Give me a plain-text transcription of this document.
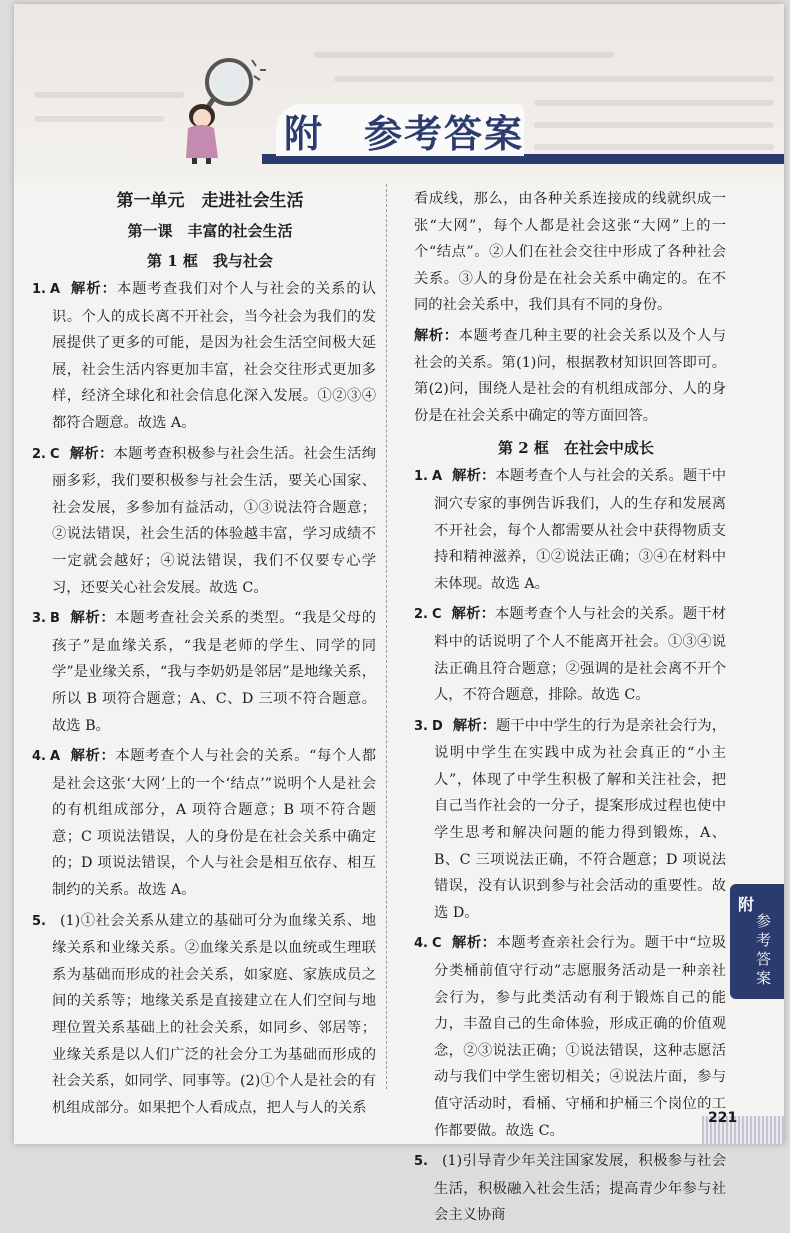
附 参考答案
第一单元　走进社会生活
第一课　丰富的社会生活
第 1 框　我与社会
1. A 解析：本题考查我们对个人与社会的关系的认识。个人的成长离不开社会，当今社会为我们的发展提供了更多的可能，是因为社会生活空间极大延展，社会生活内容更加丰富，社会交往形式更加多样，经济全球化和社会信息化深入发展。①②③④都符合题意。故选 A。
2. C 解析：本题考查积极参与社会生活。社会生活绚丽多彩，我们要积极参与社会生活，要关心国家、社会发展，多参加有益活动，①③说法符合题意；②说法错误，社会生活的体验越丰富，学习成绩不一定就会越好；④说法错误，我们不仅要专心学习，还要关心社会发展。故选 C。
3. B 解析：本题考查社会关系的类型。“我是父母的孩子”是血缘关系，“我是老师的学生、同学的同学”是业缘关系，“我与李奶奶是邻居”是地缘关系，所以 B 项符合题意；A、C、D 三项不符合题意。故选 B。
4. A 解析：本题考查个人与社会的关系。“每个人都是社会这张‘大网’上的一个‘结点’”说明个人是社会的有机组成部分，A 项符合题意；B 项不符合题意；C 项说法错误，人的身份是在社会关系中确定的；D 项说法错误，个人与社会是相互依存、相互制约的关系。故选 A。
5. (1)①社会关系从建立的基础可分为血缘关系、地缘关系和业缘关系。②血缘关系是以血统或生理联系为基础而形成的社会关系，如家庭、家族成员之间的关系等；地缘关系是直接建立在人们空间与地理位置关系基础上的社会关系，如同乡、邻居等；业缘关系是以人们广泛的社会分工为基础而形成的社会关系，如同学、同事等。(2)①个人是社会的有机组成部分。如果把个人看成点，把人与人的关系
看成线，那么，由各种关系连接成的线就织成一张“大网”，每个人都是社会这张“大网”上的一个“结点”。②人们在社会交往中形成了各种社会关系。③人的身份是在社会关系中确定的。在不同的社会关系中，我们具有不同的身份。
解析：本题考查几种主要的社会关系以及个人与社会的关系。第(1)问，根据教材知识回答即可。第(2)问，围绕人是社会的有机组成部分、人的身份是在社会关系中确定的等方面回答。
第 2 框　在社会中成长
1. A 解析：本题考查个人与社会的关系。题干中洞穴专家的事例告诉我们，人的生存和发展离不开社会，每个人都需要从社会中获得物质支持和精神滋养，①②说法正确；③④在材料中未体现。故选 A。
2. C 解析：本题考查个人与社会的关系。题干材料中的话说明了个人不能离开社会。①③④说法正确且符合题意；②强调的是社会离不开个人，不符合题意，排除。故选 C。
3. D 解析：题干中中学生的行为是亲社会行为，说明中学生在实践中成为社会真正的“小主人”，体现了中学生积极了解和关注社会，把自己当作社会的一分子，提案形成过程也使中学生思考和解决问题的能力得到锻炼，A、B、C 三项说法正确，不符合题意；D 项说法错误，没有认识到参与社会活动的重要性。故选 D。
4. C 解析：本题考查亲社会行为。题干中“垃圾分类桶前值守行动”志愿服务活动是一种亲社会行为，参与此类活动有利于锻炼自己的能力，丰盈自己的生命体验，形成正确的价值观念，②③说法正确；①说法错误，这种志愿活动与我们中学生密切相关；④说法片面，参与值守活动时，看桶、守桶和护桶三个岗位的工作都要做。故选 C。
5. (1)引导青少年关注国家发展，积极参与社会生活，积极融入社会生活；提高青少年参与社会主义协商
附
参考答案
221
